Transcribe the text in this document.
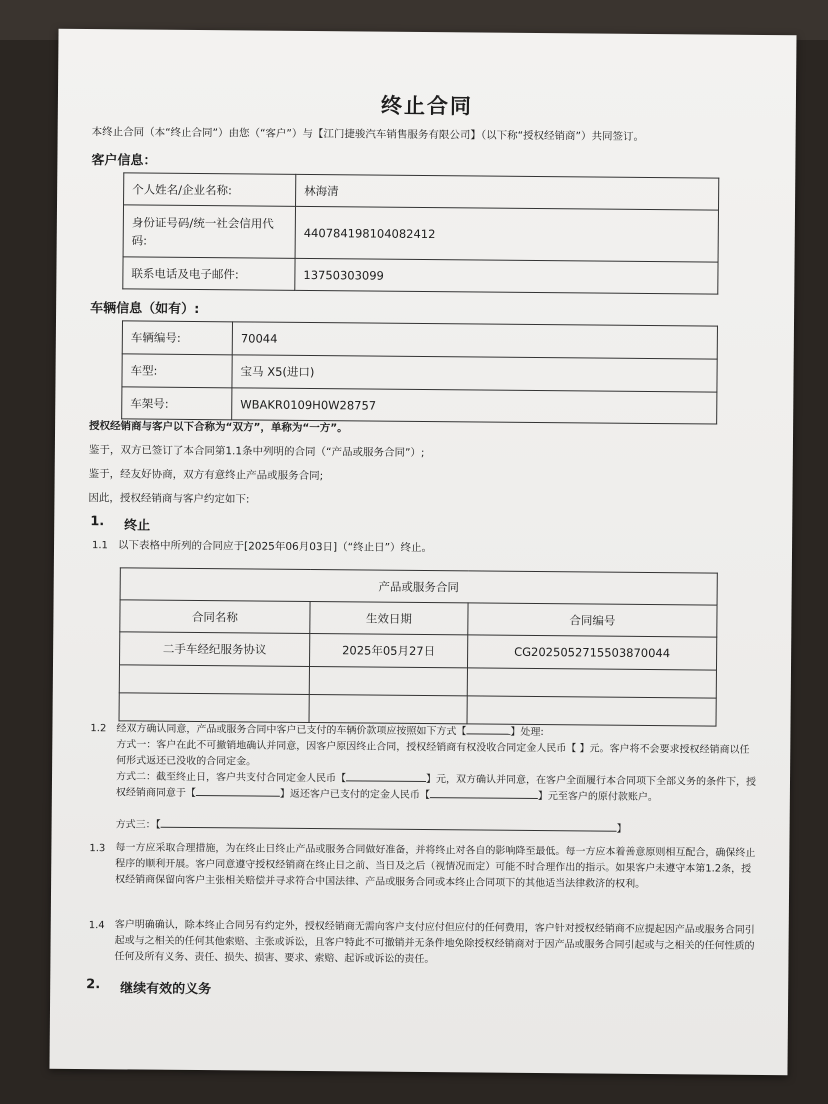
终止合同
本终止合同（本“终止合同”）由您（“客户”）与【江门捷骏汽车销售服务有限公司】（以下称“授权经销商”）共同签订。
客户信息：
个人姓名/企业名称:	林海清
身份证号码/统一社会信用代码:	440784198104082412
联系电话及电子邮件:	13750303099
车辆信息（如有）:
车辆编号:	70044
车型:	宝马 X5(进口)
车架号:	WBAKR0109H0W28757
授权经销商与客户以下合称为“双方”，单称为“一方”。
鉴于，双方已签订了本合同第1.1条中列明的合同（“产品或服务合同”）;
鉴于，经友好协商，双方有意终止产品或服务合同;
因此，授权经销商与客户约定如下:
1. 终止
1.1 以下表格中所列的合同应于[2025年06月03日]（“终止日”）终止。
产品或服务合同		
合同名称	生效日期	合同编号
二手车经纪服务协议	2025年05月27日	CG2025052715503870044

1.2 经双方确认同意，产品或服务合同中客户已支付的车辆价款项应按照如下方式【	】处理:
方式一：客户在此不可撤销地确认并同意，因客户原因终止合同，授权经销商有权没收合同定金人民币【 】元。客户将不会要求授权经销商以任何形式返还已没收的合同定金。
方式二：截至终止日，客户共支付合同定金人民币【	】元，双方确认并同意，在客户全面履行本合同项下全部义务的条件下，授权经销商同意于【	】返还客户已支付的定金人民币【	】元至客户的原付款账户。
方式三：【	】
1.3 每一方应采取合理措施，为在终止日终止产品或服务合同做好准备，并将终止对各自的影响降至最低。每一方应本着善意原则相互配合，确保终止程序的顺利开展。客户同意遵守授权经销商在终止日之前、当日及之后（视情况而定）可能不时合理作出的指示。如果客户未遵守本第1.2条，授权经销商保留向客户主张相关赔偿并寻求符合中国法律、产品或服务合同或本终止合同项下的其他适当法律救济的权利。
1.4 客户明确确认，除本终止合同另有约定外，授权经销商无需向客户支付应付但应付的任何费用，客户针对授权经销商不应提起因产品或服务合同引起或与之相关的任何其他索赔、主张或诉讼，且客户特此不可撤销并无条件地免除授权经销商对于因产品或服务合同引起或与之相关的任何性质的任何及所有义务、责任、损失、损害、要求、索赔、起诉或诉讼的责任。
2. 继续有效的义务
